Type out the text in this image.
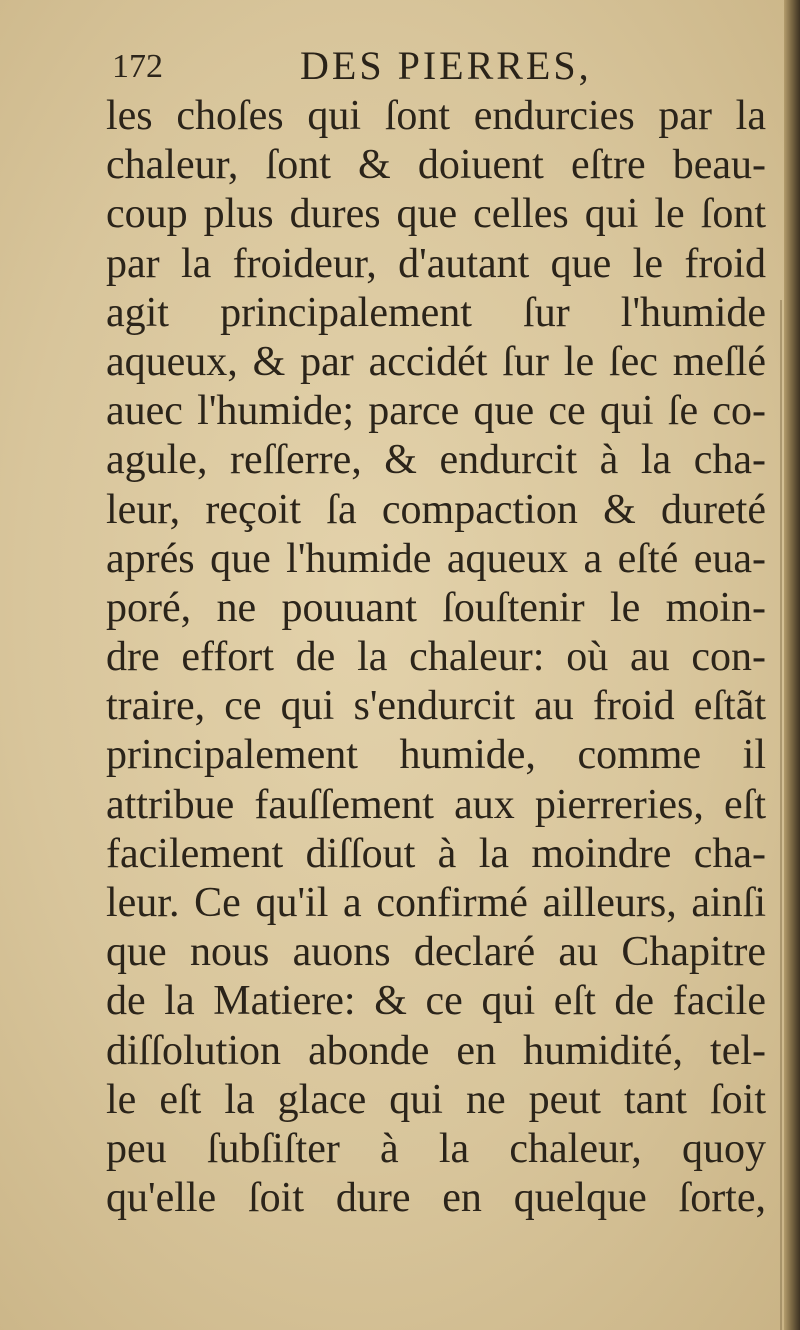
172	DES PIERRES,
les choſes qui ſont endurcies par la
chaleur, ſont & doiuent eſtre beau-
coup plus dures que celles qui le ſont
par la froideur, d'autant que le froid
agit principalement ſur l'humide
aqueux, & par accidét ſur le ſec meſlé
auec l'humide; parce que ce qui ſe co-
agule, reſſerre, & endurcit à la cha-
leur, reçoit ſa compaction & dureté
aprés que l'humide aqueux a eſté eua-
poré, ne pouuant ſouſtenir le moin-
dre effort de la chaleur: où au con-
traire, ce qui s'endurcit au froid eſtãt
principalement humide, comme il
attribue fauſſement aux pierreries, eſt
facilement diſſout à la moindre cha-
leur. Ce qu'il a confirmé ailleurs, ainſi
que nous auons declaré au Chapitre
de la Matiere: & ce qui eſt de facile
diſſolution abonde en humidité, tel-
le eſt la glace qui ne peut tant ſoit
peu ſubſiſter à la chaleur, quoy
qu'elle ſoit dure en quelque ſorte,
